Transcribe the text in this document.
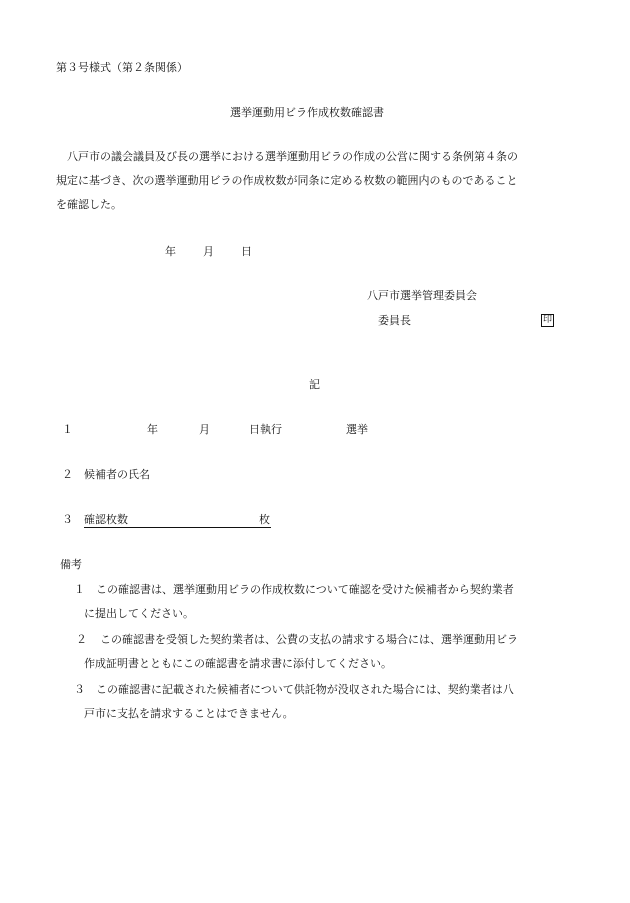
第３号様式（第２条関係）
選挙運動用ビラ作成枚数確認書
八戸市の議会議員及び長の選挙における選挙運動用ビラの作成の公営に関する条例第４条の
規定に基づき、次の選挙運動用ビラの作成枚数が同条に定める枚数の範囲内のものであること
を確認した。
年 月 日
八戸市選挙管理委員会
委員長	印
記
１	年	月	日執行	選挙
２ 候補者の氏名
３ 確認枚数	枚
備考
１ この確認書は、選挙運動用ビラの作成枚数について確認を受けた候補者から契約業者
に提出してください。
２ この確認書を受領した契約業者は、公費の支払の請求する場合には、選挙運動用ビラ
作成証明書とともにこの確認書を請求書に添付してください。
３ この確認書に記載された候補者について供託物が没収された場合には、契約業者は八
戸市に支払を請求することはできません。
